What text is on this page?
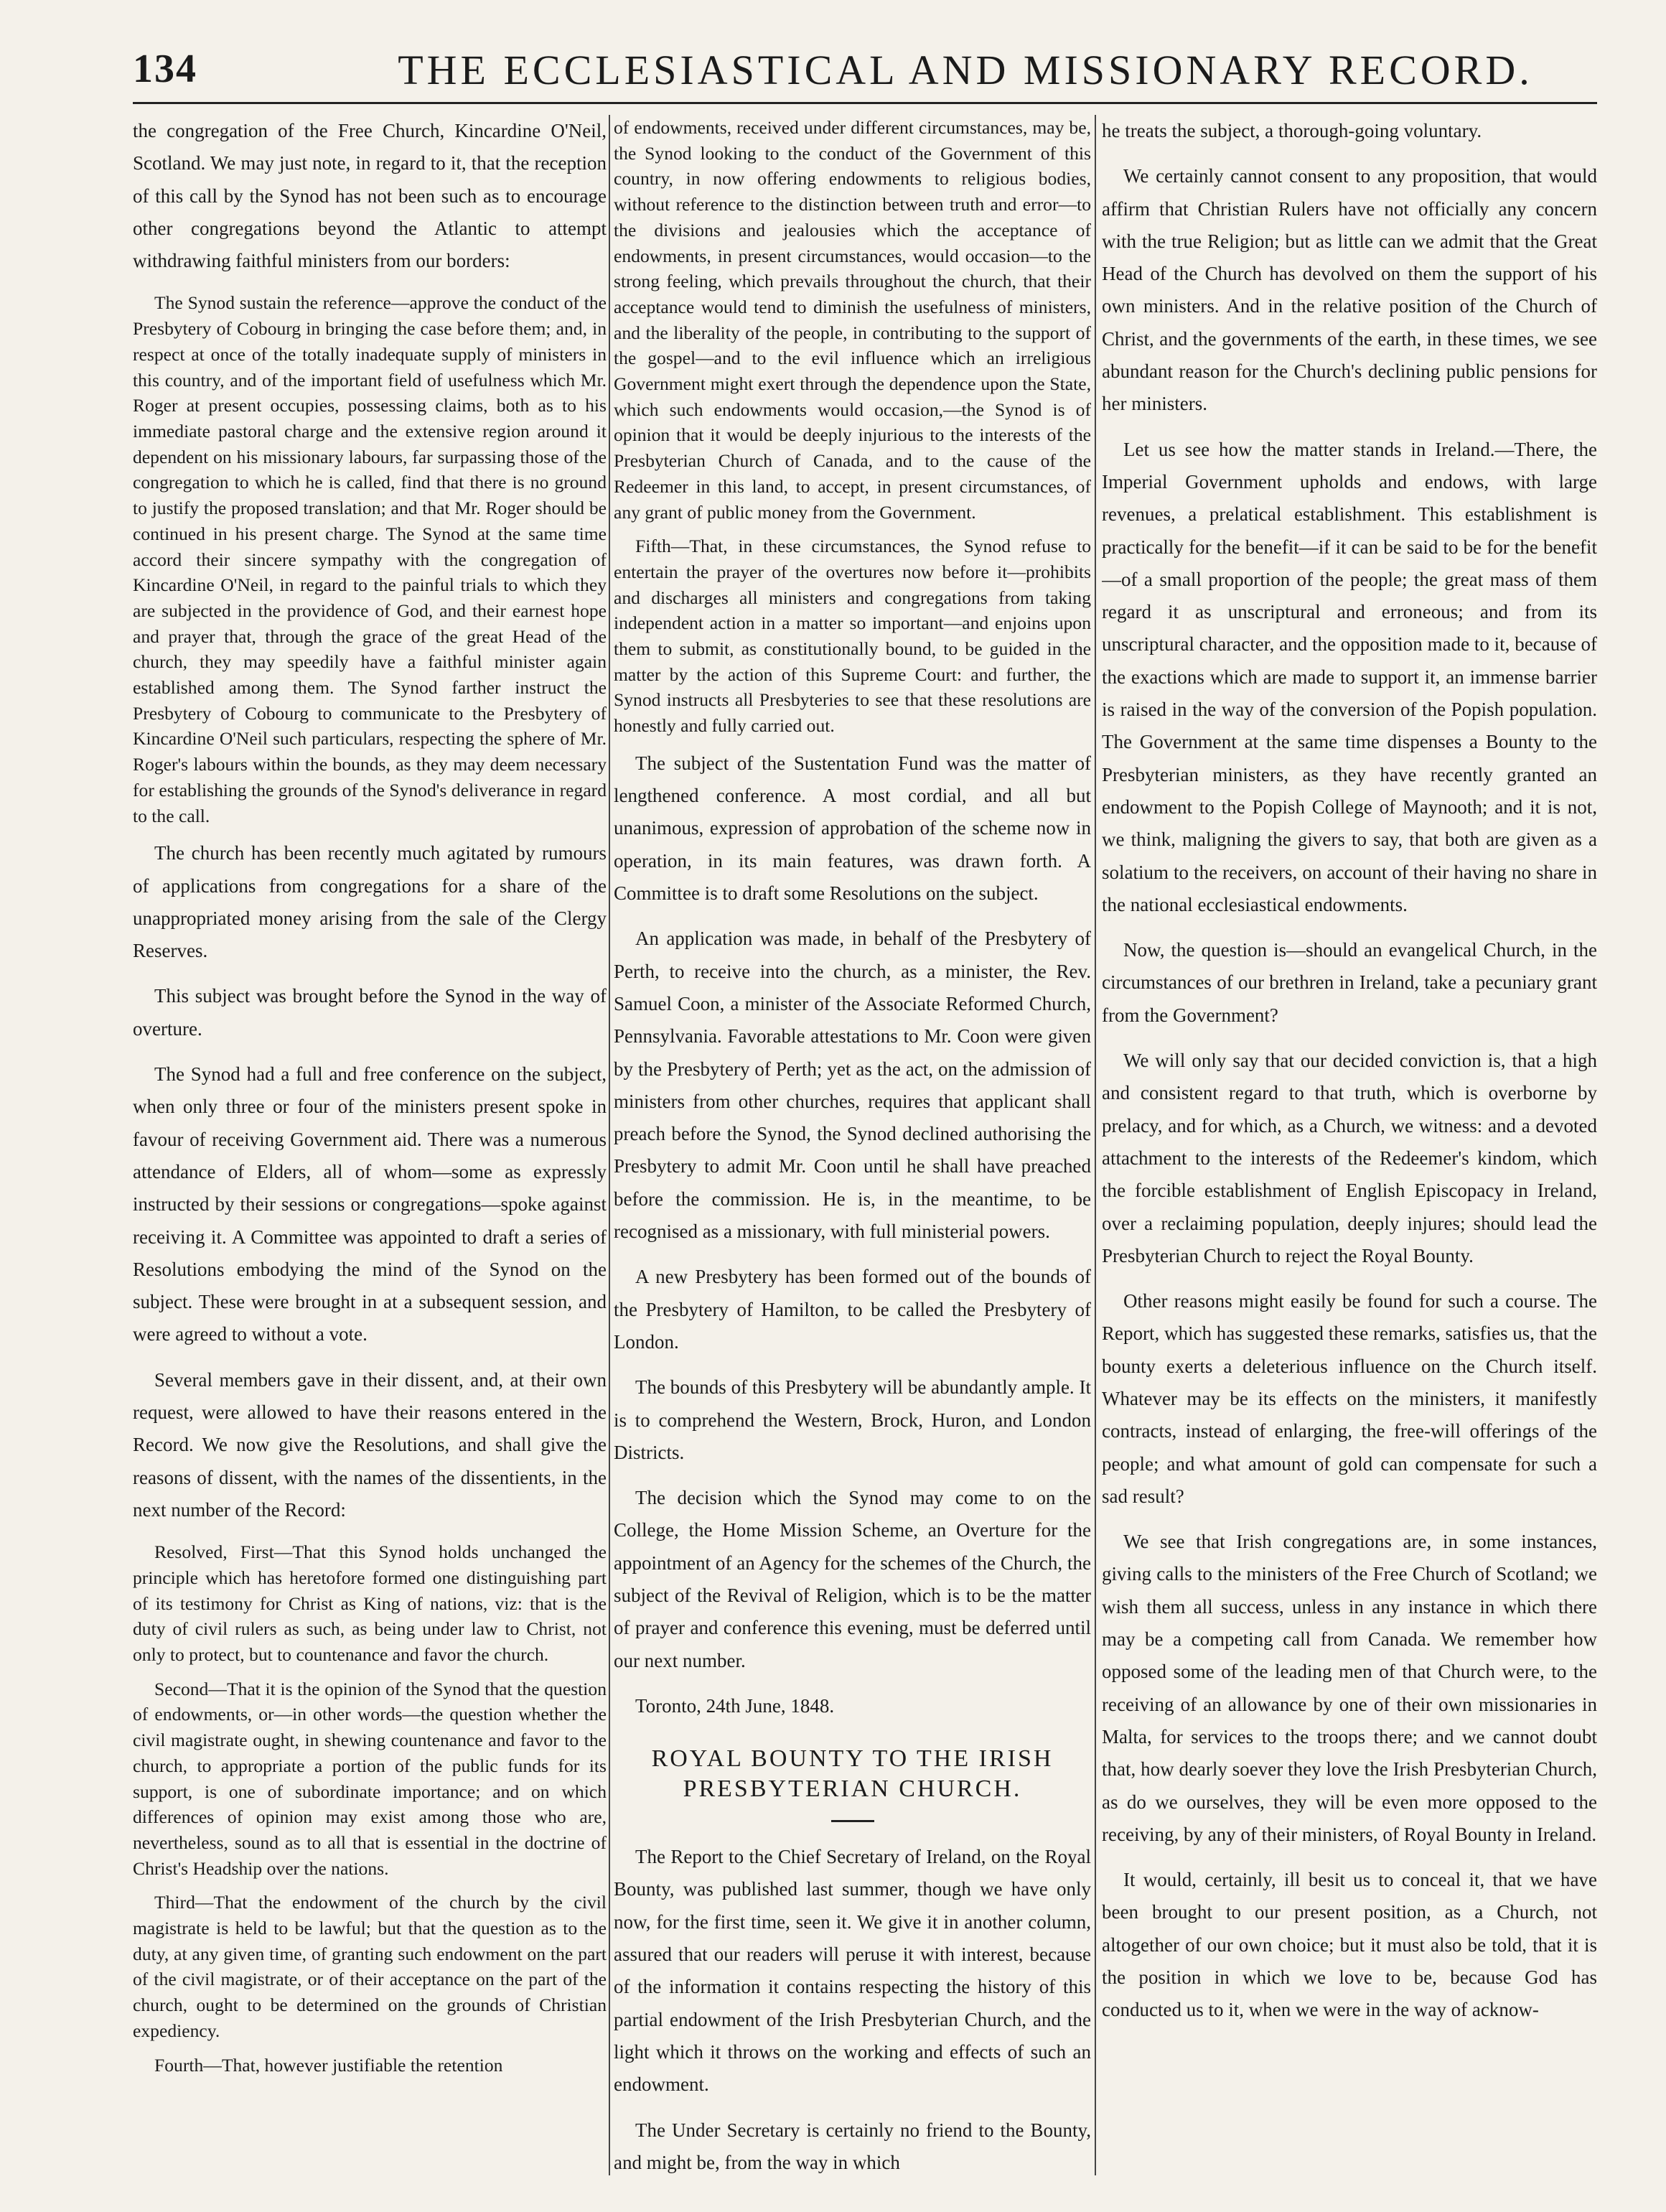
134	THE ECCLESIASTICAL AND MISSIONARY RECORD.

the congregation of the Free Church, Kincardine O'Neil, Scotland. We may just note, in regard to it, that the reception of this call by the Synod has not been such as to encourage other congregations beyond the Atlantic to attempt withdrawing faithful ministers from our borders:

The Synod sustain the reference—approve the conduct of the Presbytery of Cobourg in bringing the case before them; and, in respect at once of the totally inadequate supply of ministers in this country, and of the important field of usefulness which Mr. Roger at present occupies, possessing claims, both as to his immediate pastoral charge and the extensive region around it dependent on his missionary labours, far surpassing those of the congregation to which he is called, find that there is no ground to justify the proposed translation; and that Mr. Roger should be continued in his present charge. The Synod at the same time accord their sincere sympathy with the congregation of Kincardine O'Neil, in regard to the painful trials to which they are subjected in the providence of God, and their earnest hope and prayer that, through the grace of the great Head of the church, they may speedily have a faithful minister again established among them. The Synod farther instruct the Presbytery of Cobourg to communicate to the Presbytery of Kincardine O'Neil such particulars, respecting the sphere of Mr. Roger's labours within the bounds, as they may deem necessary for establishing the grounds of the Synod's deliverance in regard to the call.

The church has been recently much agitated by rumours of applications from congregations for a share of the unappropriated money arising from the sale of the Clergy Reserves.

This subject was brought before the Synod in the way of overture.

The Synod had a full and free conference on the subject, when only three or four of the ministers present spoke in favour of receiving Government aid. There was a numerous attendance of Elders, all of whom—some as expressly instructed by their sessions or congregations—spoke against receiving it. A Committee was appointed to draft a series of Resolutions embodying the mind of the Synod on the subject. These were brought in at a subsequent session, and were agreed to without a vote.

Several members gave in their dissent, and, at their own request, were allowed to have their reasons entered in the Record. We now give the Resolutions, and shall give the reasons of dissent, with the names of the dissentients, in the next number of the Record:

Resolved, First—That this Synod holds unchanged the principle which has heretofore formed one distinguishing part of its testimony for Christ as King of nations, viz: that is the duty of civil rulers as such, as being under law to Christ, not only to protect, but to countenance and favor the church.

Second—That it is the opinion of the Synod that the question of endowments, or—in other words—the question whether the civil magistrate ought, in shewing countenance and favor to the church, to appropriate a portion of the public funds for its support, is one of subordinate importance; and on which differences of opinion may exist among those who are, nevertheless, sound as to all that is essential in the doctrine of Christ's Headship over the nations.

Third—That the endowment of the church by the civil magistrate is held to be lawful; but that the question as to the duty, at any given time, of granting such endowment on the part of the civil magistrate, or of their acceptance on the part of the church, ought to be determined on the grounds of Christian expediency.

Fourth—That, however justifiable the retention

of endowments, received under different circumstances, may be, the Synod looking to the conduct of the Government of this country, in now offering endowments to religious bodies, without reference to the distinction between truth and error—to the divisions and jealousies which the acceptance of endowments, in present circumstances, would occasion—to the strong feeling, which prevails throughout the church, that their acceptance would tend to diminish the usefulness of ministers, and the liberality of the people, in contributing to the support of the gospel—and to the evil influence which an irreligious Government might exert through the dependence upon the State, which such endowments would occasion,—the Synod is of opinion that it would be deeply injurious to the interests of the Presbyterian Church of Canada, and to the cause of the Redeemer in this land, to accept, in present circumstances, of any grant of public money from the Government.

Fifth—That, in these circumstances, the Synod refuse to entertain the prayer of the overtures now before it—prohibits and discharges all ministers and congregations from taking independent action in a matter so important—and enjoins upon them to submit, as constitutionally bound, to be guided in the matter by the action of this Supreme Court: and further, the Synod instructs all Presbyteries to see that these resolutions are honestly and fully carried out.

The subject of the Sustentation Fund was the matter of lengthened conference. A most cordial, and all but unanimous, expression of approbation of the scheme now in operation, in its main features, was drawn forth. A Committee is to draft some Resolutions on the subject.

An application was made, in behalf of the Presbytery of Perth, to receive into the church, as a minister, the Rev. Samuel Coon, a minister of the Associate Reformed Church, Pennsylvania. Favorable attestations to Mr. Coon were given by the Presbytery of Perth; yet as the act, on the admission of ministers from other churches, requires that applicant shall preach before the Synod, the Synod declined authorising the Presbytery to admit Mr. Coon until he shall have preached before the commission. He is, in the meantime, to be recognised as a missionary, with full ministerial powers.

A new Presbytery has been formed out of the bounds of the Presbytery of Hamilton, to be called the Presbytery of London.

The bounds of this Presbytery will be abundantly ample. It is to comprehend the Western, Brock, Huron, and London Districts.

The decision which the Synod may come to on the College, the Home Mission Scheme, an Overture for the appointment of an Agency for the schemes of the Church, the subject of the Revival of Religion, which is to be the matter of prayer and conference this evening, must be deferred until our next number.

Toronto, 24th June, 1848.

ROYAL BOUNTY TO THE IRISH PRESBYTERIAN CHURCH.

The Report to the Chief Secretary of Ireland, on the Royal Bounty, was published last summer, though we have only now, for the first time, seen it. We give it in another column, assured that our readers will peruse it with interest, because of the information it contains respecting the history of this partial endowment of the Irish Presbyterian Church, and the light which it throws on the working and effects of such an endowment.

The Under Secretary is certainly no friend to the Bounty, and might be, from the way in which

he treats the subject, a thorough-going voluntary.

We certainly cannot consent to any proposition, that would affirm that Christian Rulers have not officially any concern with the true Religion; but as little can we admit that the Great Head of the Church has devolved on them the support of his own ministers. And in the relative position of the Church of Christ, and the governments of the earth, in these times, we see abundant reason for the Church's declining public pensions for her ministers.

Let us see how the matter stands in Ireland.—There, the Imperial Government upholds and endows, with large revenues, a prelatical establishment. This establishment is practically for the benefit—if it can be said to be for the benefit—of a small proportion of the people; the great mass of them regard it as unscriptural and erroneous; and from its unscriptural character, and the opposition made to it, because of the exactions which are made to support it, an immense barrier is raised in the way of the conversion of the Popish population. The Government at the same time dispenses a Bounty to the Presbyterian ministers, as they have recently granted an endowment to the Popish College of Maynooth; and it is not, we think, maligning the givers to say, that both are given as a solatium to the receivers, on account of their having no share in the national ecclesiastical endowments.

Now, the question is—should an evangelical Church, in the circumstances of our brethren in Ireland, take a pecuniary grant from the Government?

We will only say that our decided conviction is, that a high and consistent regard to that truth, which is overborne by prelacy, and for which, as a Church, we witness: and a devoted attachment to the interests of the Redeemer's kindom, which the forcible establishment of English Episcopacy in Ireland, over a reclaiming population, deeply injures; should lead the Presbyterian Church to reject the Royal Bounty.

Other reasons might easily be found for such a course. The Report, which has suggested these remarks, satisfies us, that the bounty exerts a deleterious influence on the Church itself. Whatever may be its effects on the ministers, it manifestly contracts, instead of enlarging, the free-will offerings of the people; and what amount of gold can compensate for such a sad result?

We see that Irish congregations are, in some instances, giving calls to the ministers of the Free Church of Scotland; we wish them all success, unless in any instance in which there may be a competing call from Canada. We remember how opposed some of the leading men of that Church were, to the receiving of an allowance by one of their own missionaries in Malta, for services to the troops there; and we cannot doubt that, how dearly soever they love the Irish Presbyterian Church, as do we ourselves, they will be even more opposed to the receiving, by any of their ministers, of Royal Bounty in Ireland.

It would, certainly, ill besit us to conceal it, that we have been brought to our present position, as a Church, not altogether of our own choice; but it must also be told, that it is the position in which we love to be, because God has conducted us to it, when we were in the way of acknow-
